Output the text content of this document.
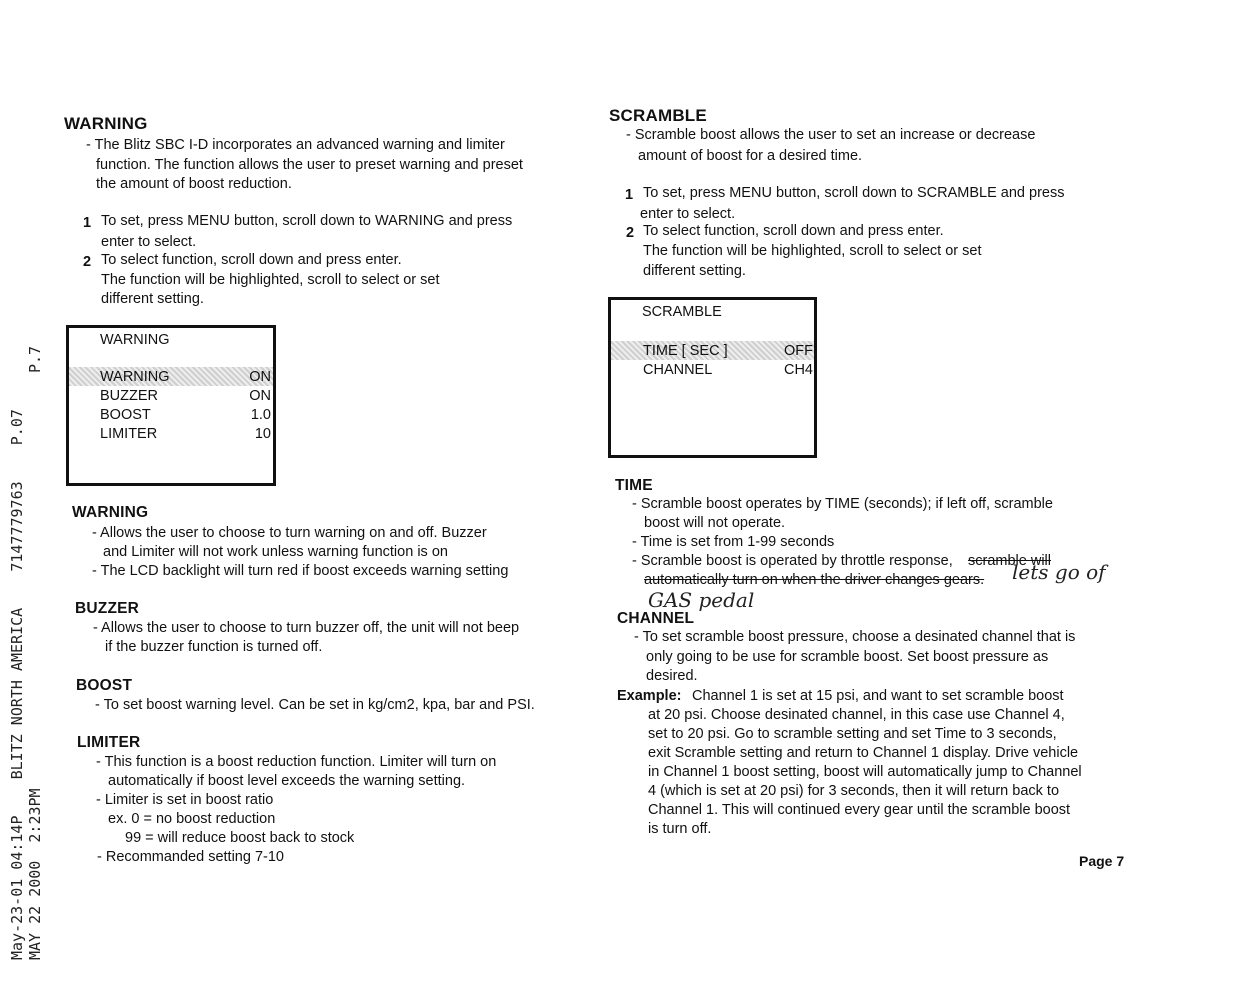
May-23-01 04:14P    BLITZ NORTH AMERICA    7147779763    P.07 MAY 22 2000  2:23PM                                              P.7
WARNING
- The Blitz SBC I-D incorporates an advanced warning and limiter
function. The function allows the user to preset warning and preset
the amount of boost reduction.
1 To set, press MENU button, scroll down to WARNING and press
enter to select.
2 To select function, scroll down and press enter.
The function will be highlighted, scroll to select or set
different setting.
WARNING
WARNING	ON
BUZZER	ON
BOOST	1.0
LIMITER	10
WARNING
- Allows the user to choose to turn warning on and off. Buzzer
and Limiter will not work unless warning function is on
- The LCD backlight will turn red if boost exceeds warning setting
BUZZER
- Allows the user to choose to turn buzzer off, the unit will not beep
if the buzzer function is turned off.
BOOST
- To set boost warning level. Can be set in kg/cm2, kpa, bar and PSI.
LIMITER
- This function is a boost reduction function. Limiter will turn on
automatically if boost level exceeds the warning setting.
- Limiter is set in boost ratio
ex. 0 = no boost reduction
99 = will reduce boost back to stock
- Recommanded setting 7-10
SCRAMBLE
- Scramble boost allows the user to set an increase or decrease
amount of boost for a desired time.
1 To set, press MENU button, scroll down to SCRAMBLE and press
enter to select.
2 To select function, scroll down and press enter.
The function will be highlighted, scroll to select or set
different setting.
SCRAMBLE
TIME [ SEC ]	OFF
CHANNEL	CH4
TIME
- Scramble boost operates by TIME (seconds); if left off, scramble
boost will not operate.
- Time is set from 1-99 seconds
- Scramble boost is operated by throttle response, scramble will
automatically turn on when the driver changes gears. lets go of
GAS pedal
CHANNEL
- To set scramble boost pressure, choose a desinated channel that is
only going to be use for scramble boost. Set boost pressure as
desired.
Example: Channel 1 is set at 15 psi, and want to set scramble boost
at 20 psi. Choose desinated channel, in this case use Channel 4,
set to 20 psi. Go to scramble setting and set Time to 3 seconds,
exit Scramble setting and return to Channel 1 display. Drive vehicle
in Channel 1 boost setting, boost will automatically jump to Channel
4 (which is set at 20 psi) for 3 seconds, then it will return back to
Channel 1. This will continued every gear until the scramble boost
is turn off.
Page 7
